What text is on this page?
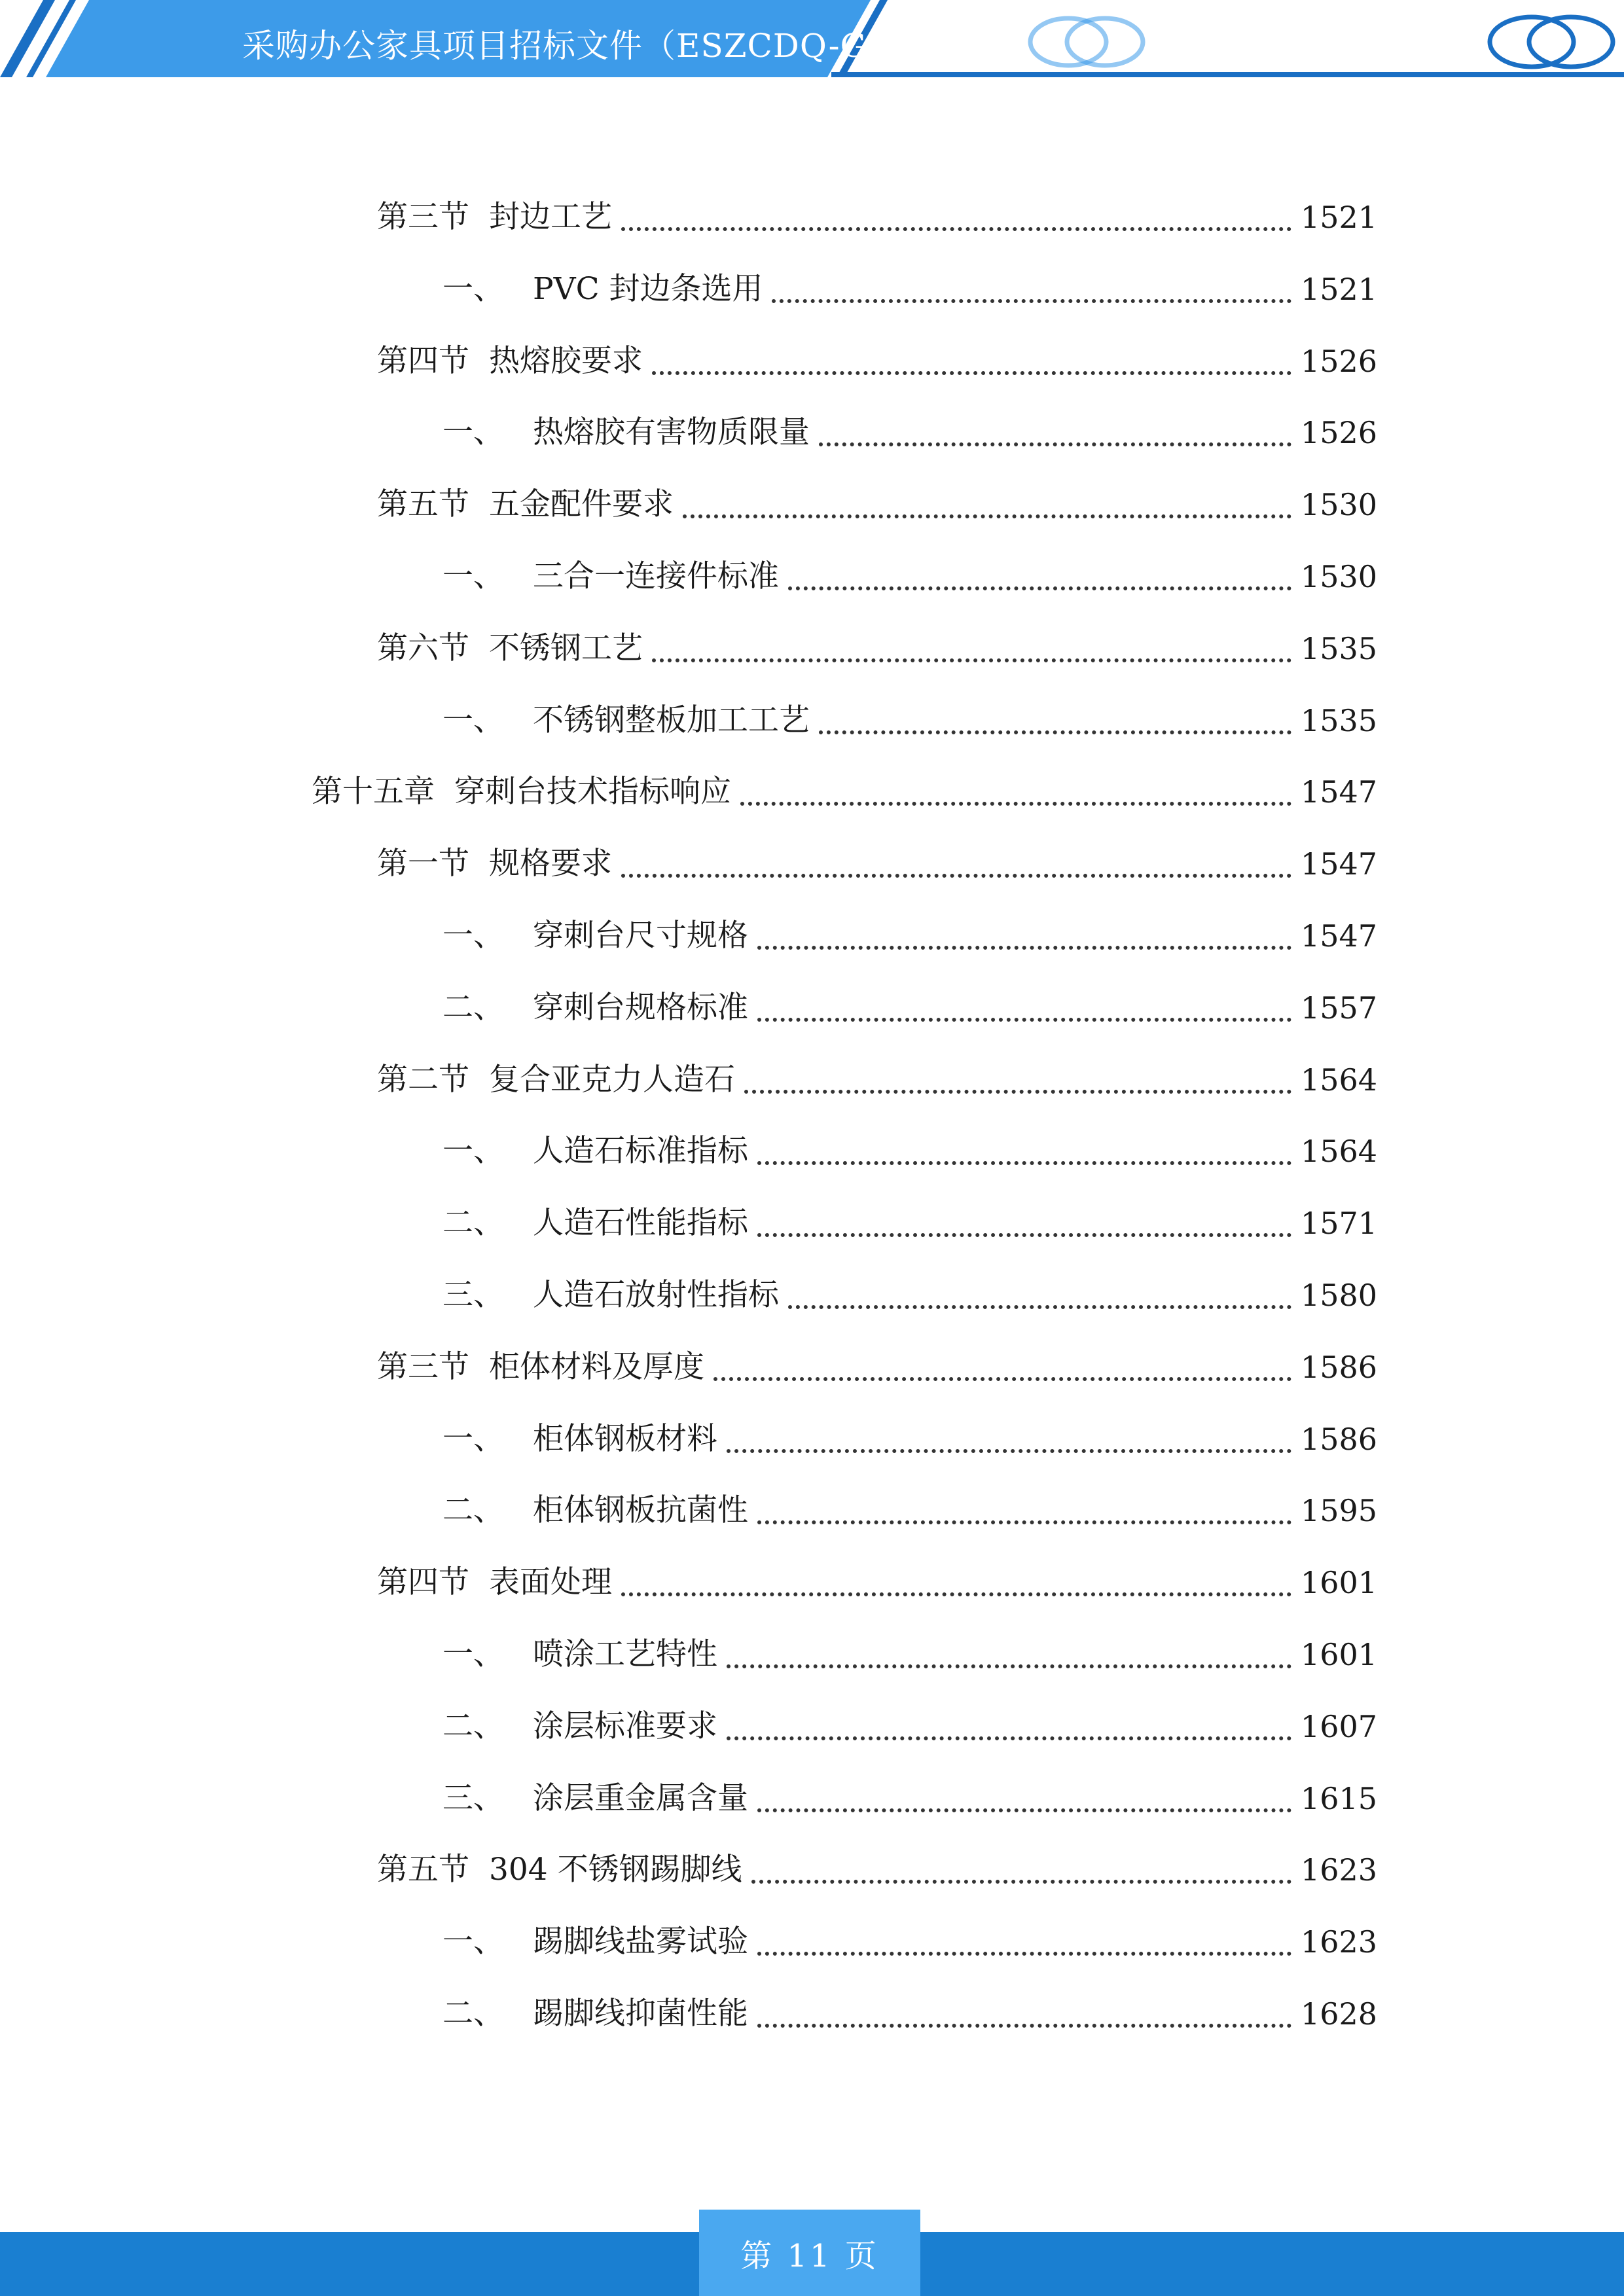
采购办公家具项目招标文件（ESZCDQ-G-H
第三节 封边工艺	1521
一、 PVC 封边条选用	1521
第四节 热熔胶要求	1526
一、 热熔胶有害物质限量	1526
第五节 五金配件要求	1530
一、 三合一连接件标准	1530
第六节 不锈钢工艺	1535
一、 不锈钢整板加工工艺	1535
第十五章 穿刺台技术指标响应	1547
第一节 规格要求	1547
一、 穿刺台尺寸规格	1547
二、 穿刺台规格标准	1557
第二节 复合亚克力人造石	1564
一、 人造石标准指标	1564
二、 人造石性能指标	1571
三、 人造石放射性指标	1580
第三节 柜体材料及厚度	1586
一、 柜体钢板材料	1586
二、 柜体钢板抗菌性	1595
第四节 表面处理	1601
一、 喷涂工艺特性	1601
二、 涂层标准要求	1607
三、 涂层重金属含量	1615
第五节 304 不锈钢踢脚线	1623
一、 踢脚线盐雾试验	1623
二、 踢脚线抑菌性能	1628
第 11 页
